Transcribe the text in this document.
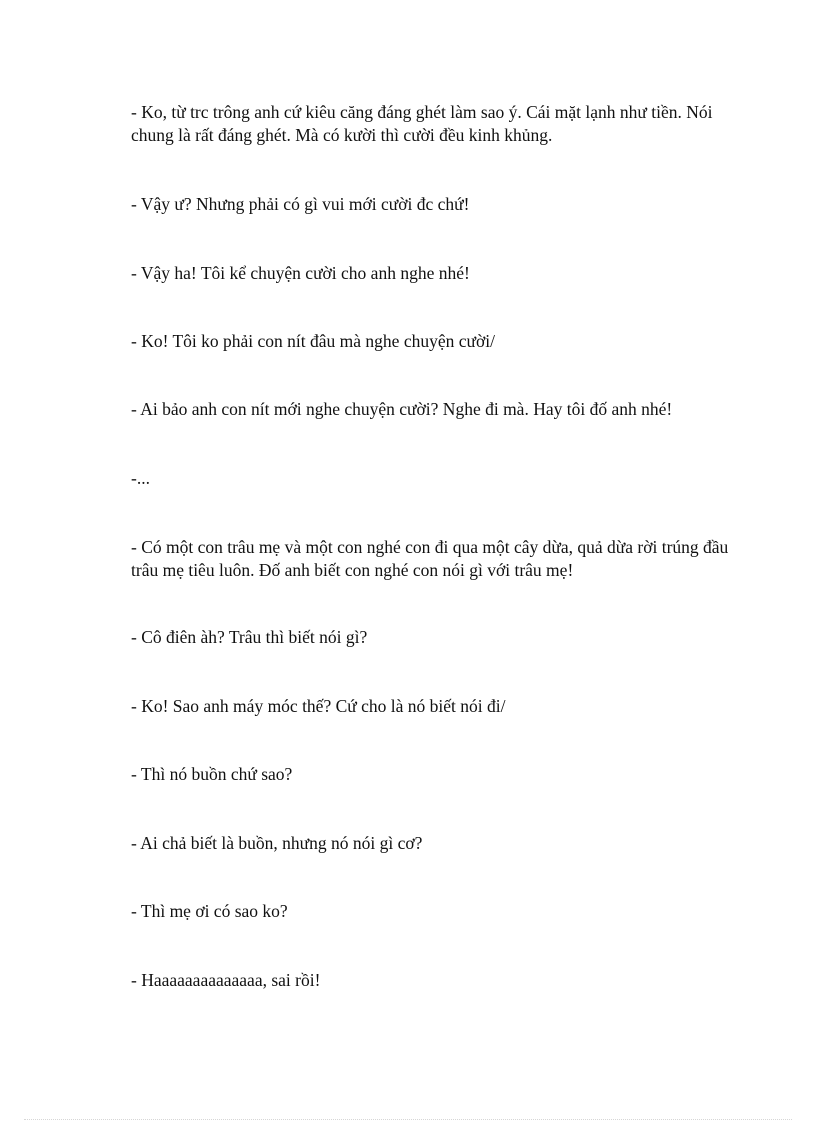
- Ko, từ trc trông anh cứ kiêu căng đáng ghét làm sao ý. Cái mặt lạnh như tiền. Nói chung là rất đáng ghét. Mà có kười thì cười đều kinh khủng.

- Vậy ư? Nhưng phải có gì vui mới cười đc chứ!

- Vậy ha! Tôi kể chuyện cười cho anh nghe nhé!

- Ko! Tôi ko phải con nít đâu mà nghe chuyện cười/

- Ai bảo anh con nít mới nghe chuyện cười? Nghe đi mà. Hay tôi đố anh nhé!

-...

- Có một con trâu mẹ và một con nghé con đi qua một cây dừa, quả dừa rời trúng đầu trâu mẹ tiêu luôn. Đố anh biết con nghé con nói gì với trâu mẹ!

- Cô điên àh? Trâu thì biết nói gì?

- Ko! Sao anh máy móc thế? Cứ cho là nó biết nói đi/

- Thì nó buồn chứ sao?

- Ai chả biết là buồn, nhưng nó nói gì cơ?

- Thì mẹ ơi có sao ko?

- Haaaaaaaaaaaaaa, sai rồi!
